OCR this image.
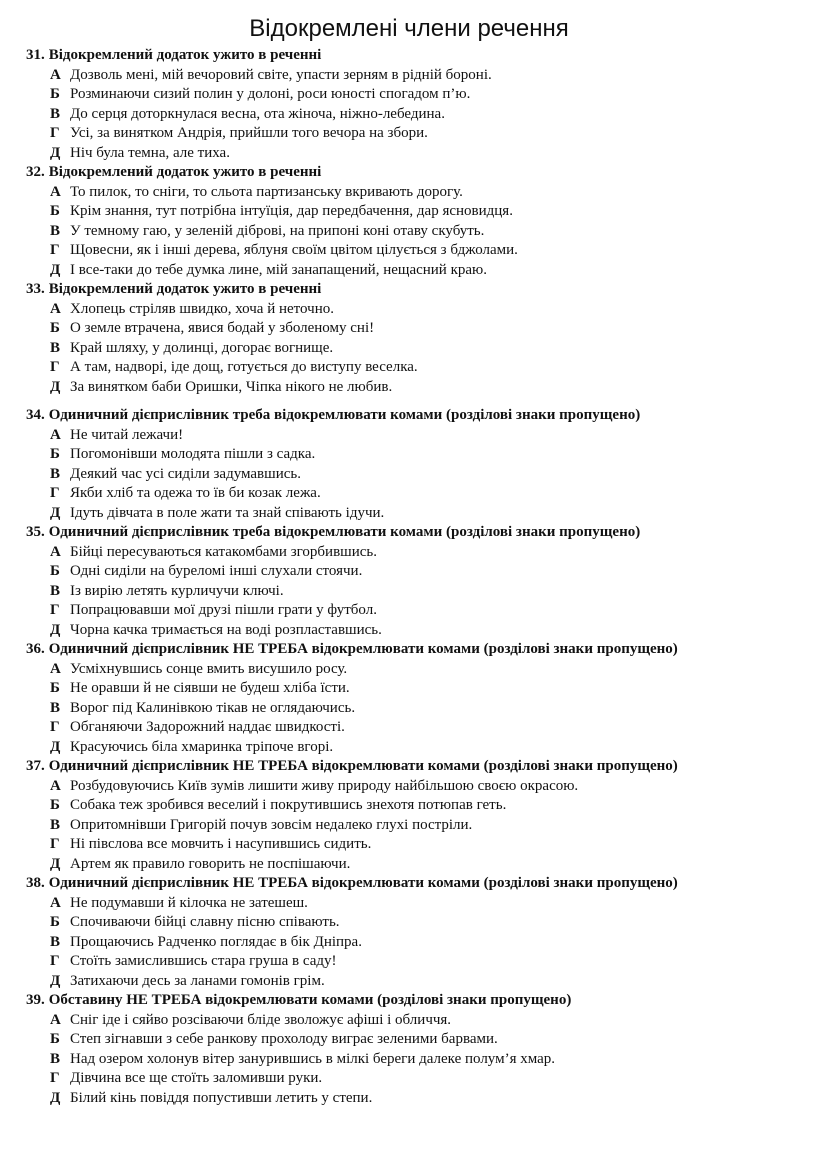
Відокремлені члени речення
31. Відокремлений додаток ужито в реченні
А Дозволь мені, мій вечоровий світе, упасти зерням в рідній бороні.
Б Розминаючи сизий полин у долоні, роси юності спогадом п’ю.
В До серця доторкнулася весна, ота жіноча, ніжно-лебедина.
Г Усі, за винятком Андрія, прийшли того вечора на збори.
Д Ніч була темна, але тиха.
32. Відокремлений додаток ужито в реченні
А То пилок, то сніги, то сльота партизанську вкривають дорогу.
Б Крім знання, тут потрібна інтуїція, дар передбачення, дар ясновидця.
В У темному гаю, у зеленій діброві, на припоні коні отаву скубуть.
Г Щовесни, як і інші дерева, яблуня своїм цвітом цілується з бджолами.
Д І все-таки до тебе думка лине, мій занапащений, нещасний краю.
33. Відокремлений додаток ужито в реченні
А Хлопець стріляв швидко, хоча й неточно.
Б О земле втрачена, явися бодай у зболеному сні!
В Край шляху, у долинці, догорає вогнище.
Г А там, надворі, іде дощ, готується до виступу веселка.
Д За винятком баби Оришки, Чіпка нікого не любив.
34. Одиничний дієприслівник треба відокремлювати комами (розділові знаки пропущено)
А Не читай лежачи!
Б Погомонівши молодята пішли з садка.
В Деякий час усі сиділи задумавшись.
Г Якби хліб та одежа то їв би козак лежа.
Д Ідуть дівчата в поле жати та знай співають ідучи.
35. Одиничний дієприслівник треба відокремлювати комами (розділові знаки пропущено)
А Бійці пересуваються катакомбами згорбившись.
Б Одні сиділи на буреломі інші слухали стоячи.
В Із вирію летять курличучи ключі.
Г Попрацювавши мої друзі пішли грати у футбол.
Д Чорна качка тримається на воді розпластавшись.
36. Одиничний дієприслівник НЕ ТРЕБА відокремлювати комами (розділові знаки пропущено)
А Усміхнувшись сонце вмить висушило росу.
Б Не оравши й не сіявши не будеш хліба їсти.
В Ворог під Калинівкою тікав не оглядаючись.
Г Обганяючи Задорожний наддає швидкості.
Д Красуючись біла хмаринка тріпоче вгорі.
37. Одиничний дієприслівник НЕ ТРЕБА відокремлювати комами (розділові знаки пропущено)
А Розбудовуючись Київ зумів лишити живу природу найбільшою своєю окрасою.
Б Собака теж зробився веселий і покрутившись знехотя потюпав геть.
В Опритомнівши Григорій почув зовсім недалеко глухі постріли.
Г Ні півслова все мовчить і насупившись сидить.
Д Артем як правило говорить не поспішаючи.
38. Одиничний дієприслівник НЕ ТРЕБА відокремлювати комами (розділові знаки пропущено)
А Не подумавши й кілочка не затешеш.
Б Спочиваючи бійці славну пісню співають.
В Прощаючись Радченко поглядає в бік Дніпра.
Г Стоїть замислившись стара груша в саду!
Д Затихаючи десь за ланами гомонів грім.
39. Обставину НЕ ТРЕБА відокремлювати комами (розділові знаки пропущено)
А Сніг іде і сяйво розсіваючи бліде зволожує афіші і обличчя.
Б Степ зігнавши з себе ранкову прохолоду виграє зеленими барвами.
В Над озером холонув вітер занурившись в мілкі береги далеке полум’я хмар.
Г Дівчина все ще стоїть заломивши руки.
Д Білий кінь повіддя попустивши летить у степи.
